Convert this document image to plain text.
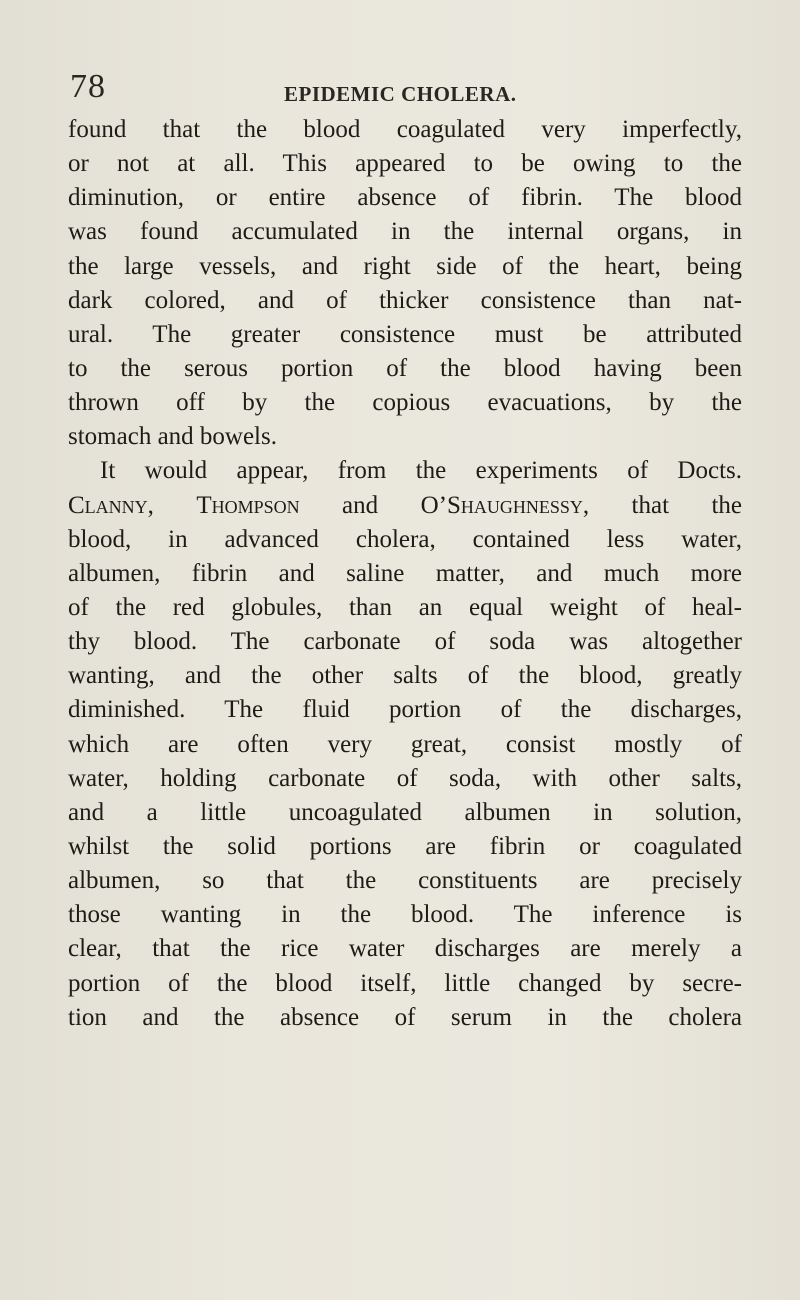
78	EPIDEMIC CHOLERA.
found that the blood coagulated very imperfectly,
or not at all. This appeared to be owing to the
diminution, or entire absence of fibrin. The blood
was found accumulated in the internal organs, in
the large vessels, and right side of the heart, being
dark colored, and of thicker consistence than nat-
ural. The greater consistence must be attributed
to the serous portion of the blood having been
thrown off by the copious evacuations, by the
stomach and bowels.
It would appear, from the experiments of Docts.
Clanny, Thompson and O’Shaughnessy, that the
blood, in advanced cholera, contained less water,
albumen, fibrin and saline matter, and much more
of the red globules, than an equal weight of heal-
thy blood. The carbonate of soda was altogether
wanting, and the other salts of the blood, greatly
diminished. The fluid portion of the discharges,
which are often very great, consist mostly of
water, holding carbonate of soda, with other salts,
and a little uncoagulated albumen in solution,
whilst the solid portions are fibrin or coagulated
albumen, so that the constituents are precisely
those wanting in the blood. The inference is
clear, that the rice water discharges are merely a
portion of the blood itself, little changed by secre-
tion and the absence of serum in the cholera
